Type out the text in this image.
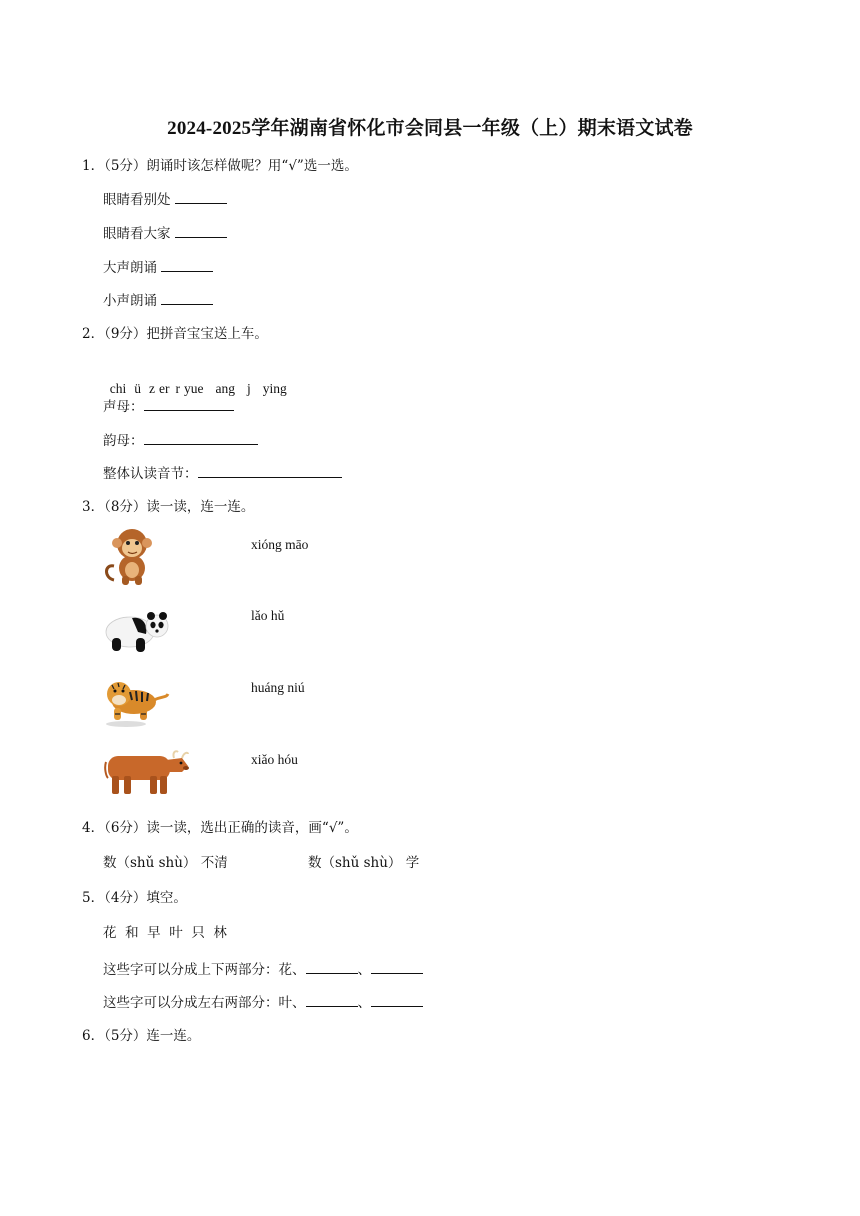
2024-2025学年湖南省怀化市会同县一年级（上）期末语文试卷
1．（5分）朗诵时该怎样做呢？用“√”选一选。
眼睛看别处
眼睛看大家
大声朗诵
小声朗诵
2．（9分）把拼音宝宝送上车。

chi ü z er r yue ang j ying

声母：
韵母：
整体认读音节：
3．（8分）读一读，连一连。
xióng māo
lǎo hǔ
huáng niú
xiǎo hóu
4．（6分）读一读，选出正确的读音，画“√”。
数（shǔ shù） 不清	数（shǔ shù） 学
5．（4分）填空。
花  和  早  叶  只  林
这些字可以分成上下两部分：花、	、
这些字可以分成左右两部分：叶、	、
6．（5分）连一连。
